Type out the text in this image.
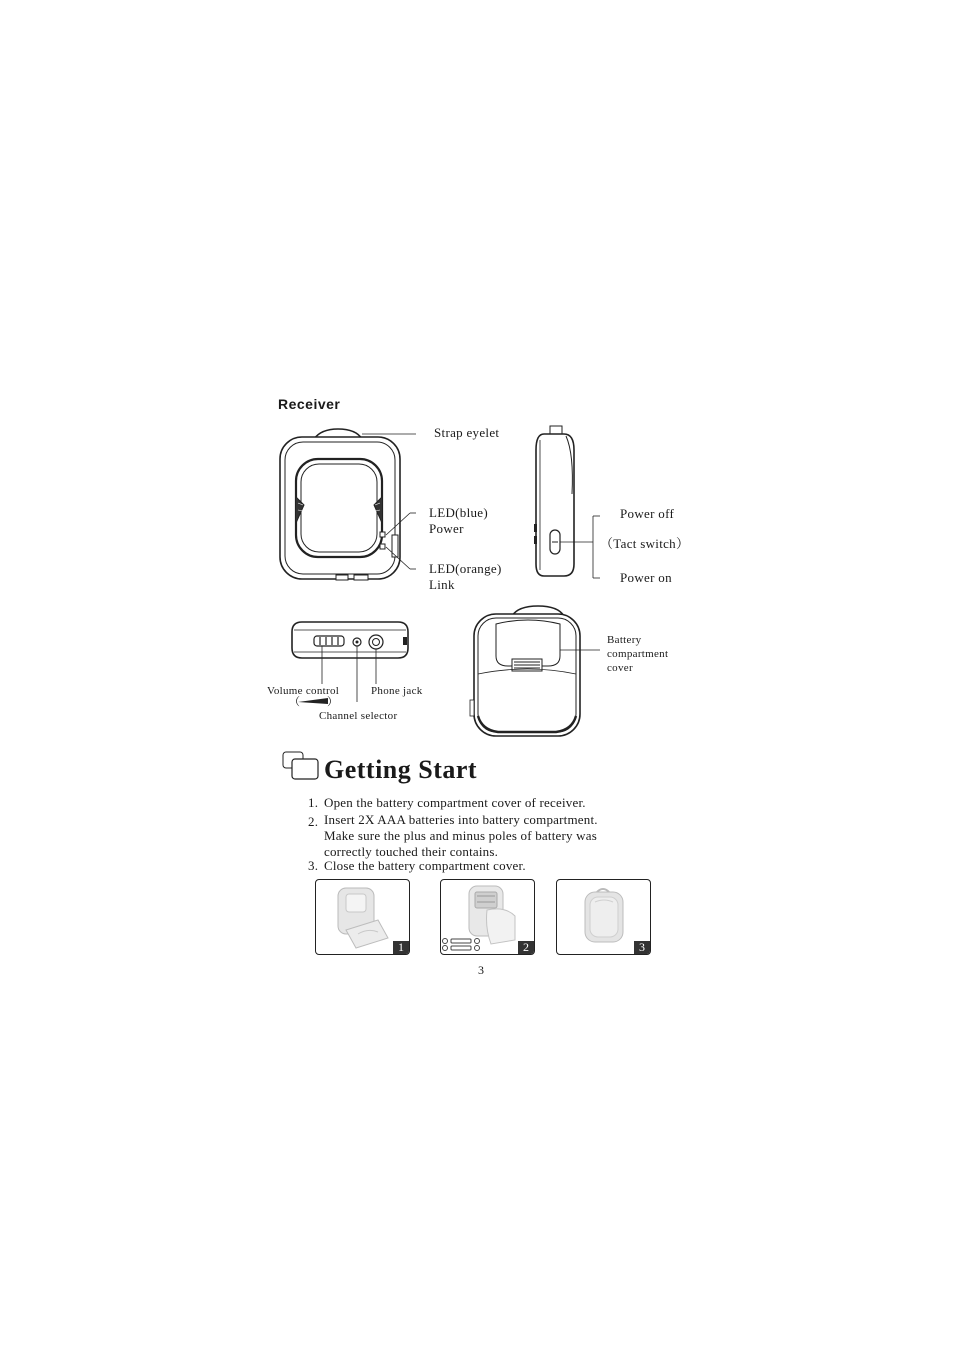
Receiver
Strap eyelet
LED(blue)
Power
LED(orange)
Link
Power off
（Tact switch）
Power on
Volume control	Phone jack
（ ）
Channel selector
Battery
compartment
cover
Getting Start
1. Open the battery compartment cover of receiver.
2. Insert 2X AAA batteries into battery compartment.
Make sure the plus and minus poles of battery was
correctly touched their contains.
3. Close the battery compartment cover.
1	2	3
3
